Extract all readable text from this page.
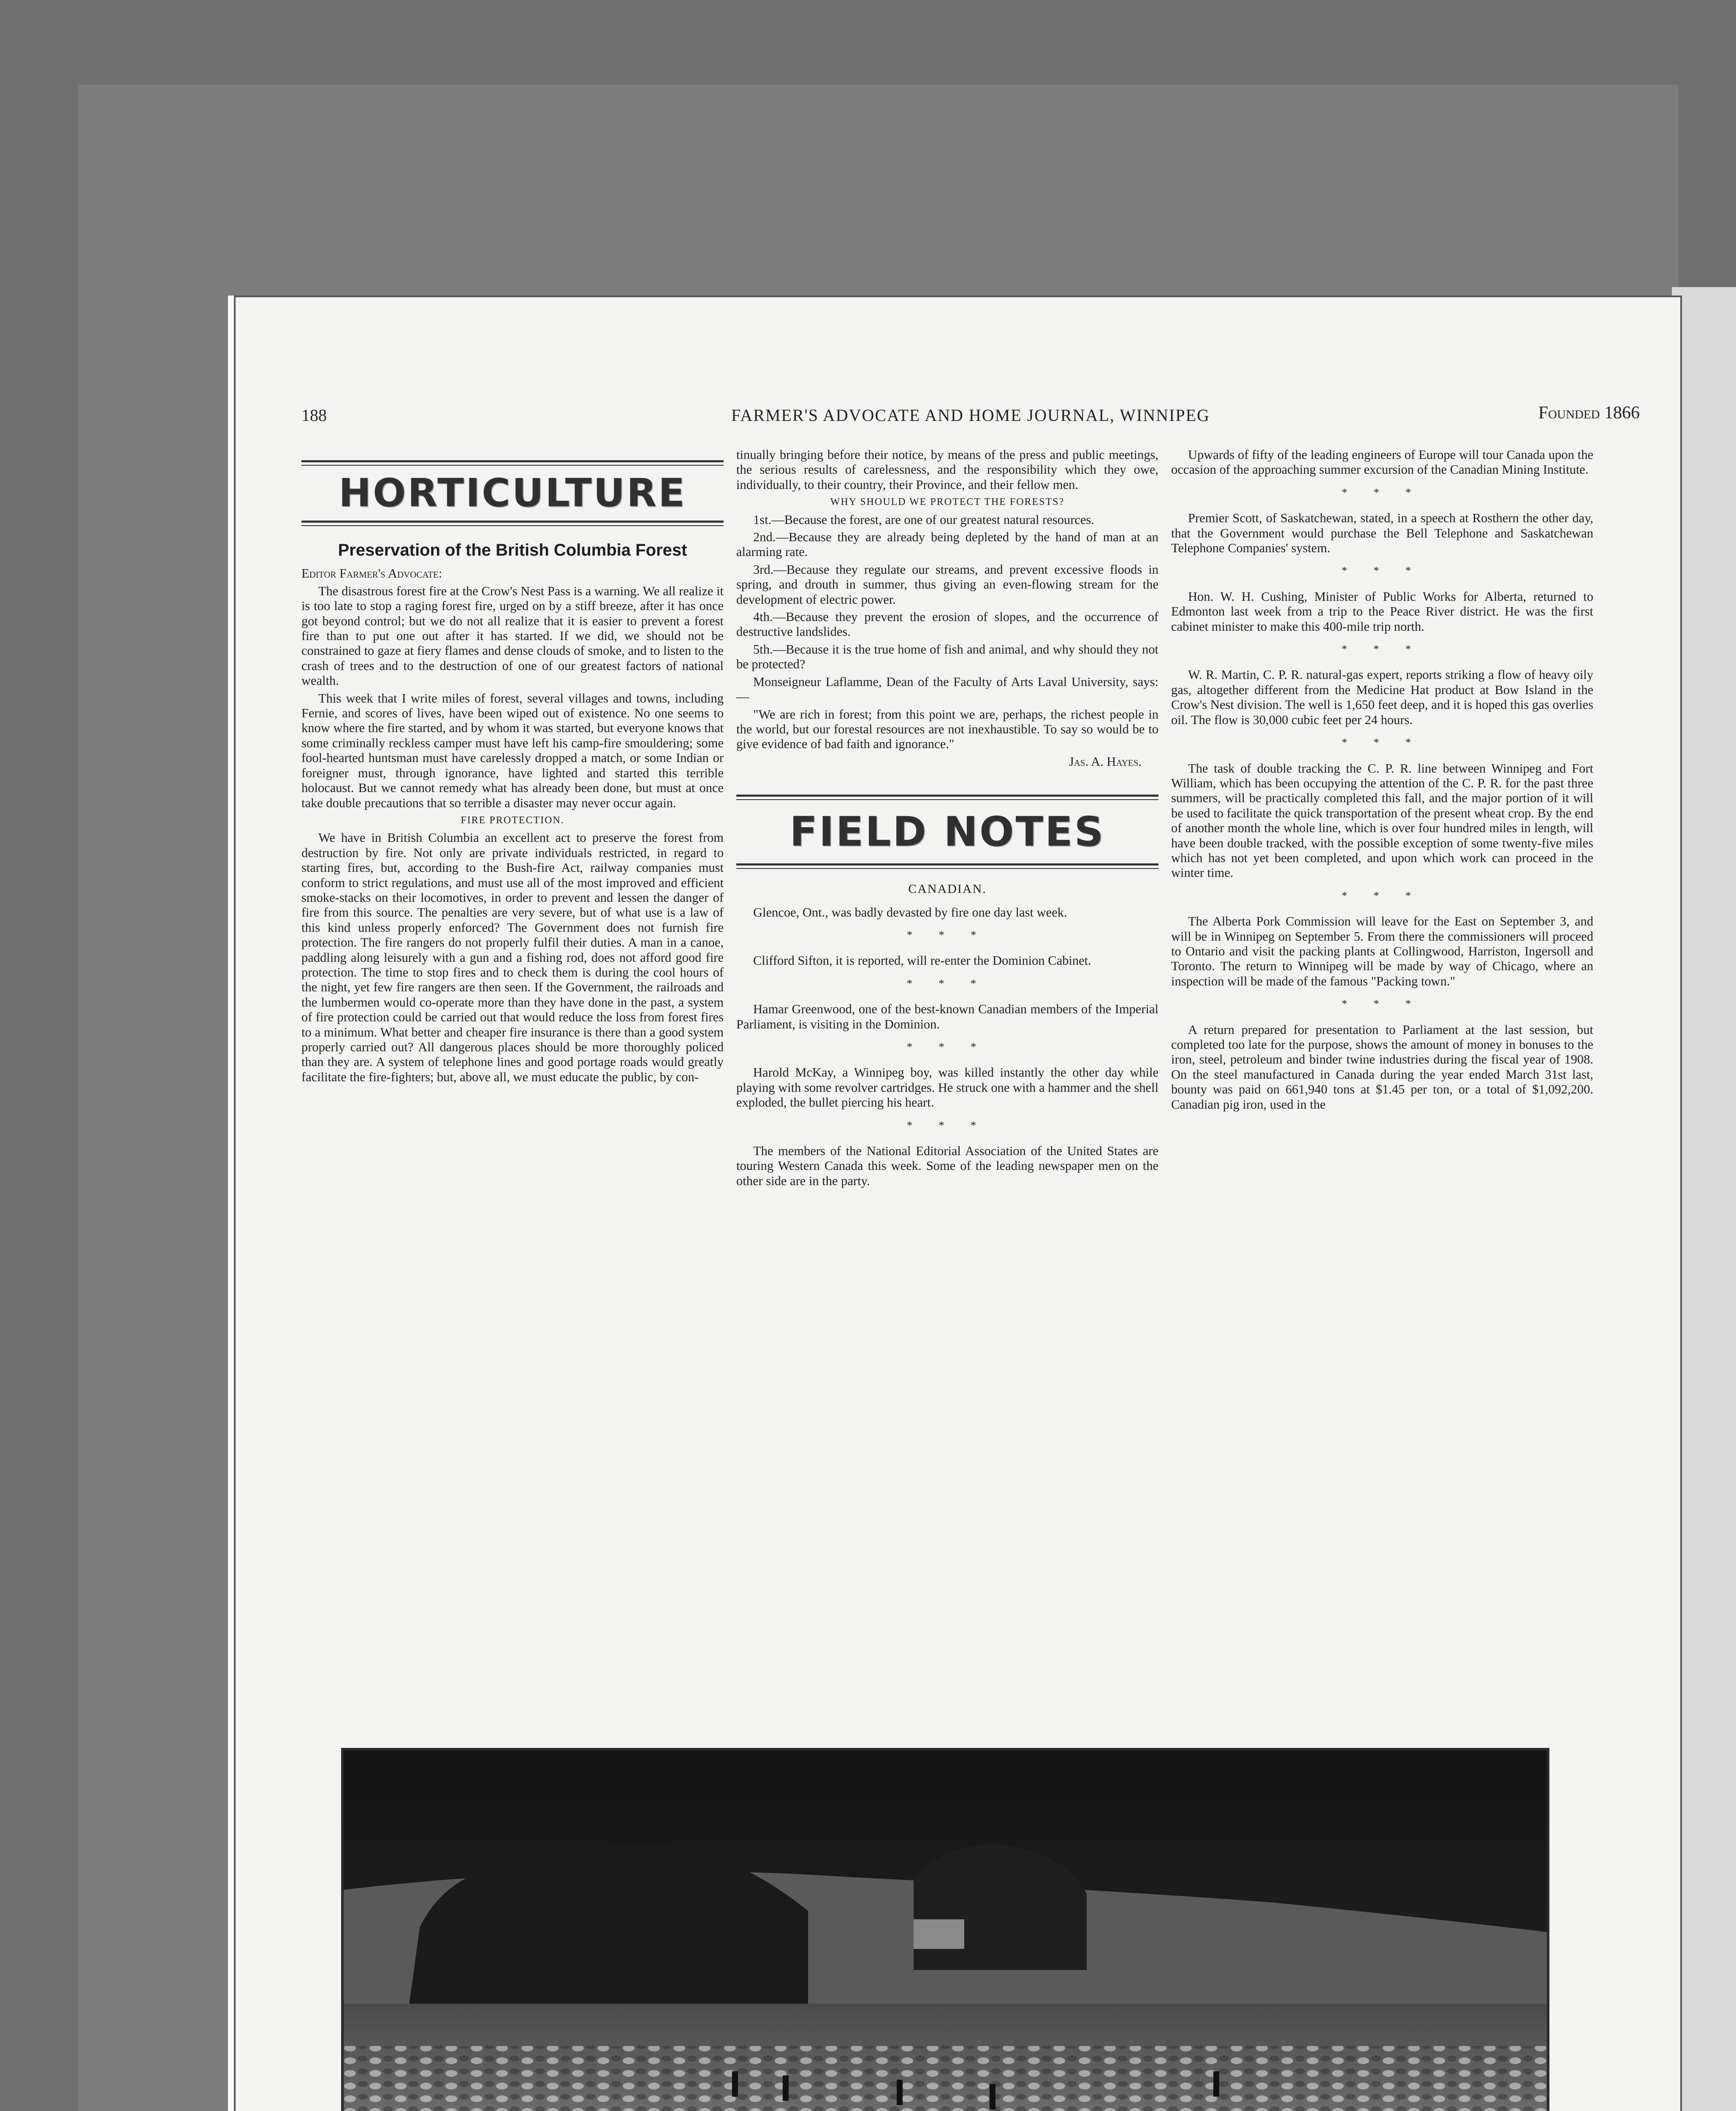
188	FARMER'S ADVOCATE AND HOME JOURNAL, WINNIPEG	Founded 1866
HORTICULTURE
Preservation of the British Columbia Forest
Editor Farmer's Advocate:

The disastrous forest fire at the Crow's Nest Pass is a warning. We all realize it is too late to stop a raging forest fire, urged on by a stiff breeze, after it has once got beyond control; but we do not all realize that it is easier to prevent a forest fire than to put one out after it has started. If we did, we should not be constrained to gaze at fiery flames and dense clouds of smoke, and to listen to the crash of trees and to the destruction of one of our greatest factors of national wealth.

This week that I write miles of forest, several villages and towns, including Fernie, and scores of lives, have been wiped out of existence. No one seems to know where the fire started, and by whom it was started, but everyone knows that some criminally reckless camper must have left his camp-fire smouldering; some fool-hearted huntsman must have carelessly dropped a match, or some Indian or foreigner must, through ignorance, have lighted and started this terrible holocaust. But we cannot remedy what has already been done, but must at once take double precautions that so terrible a disaster may never occur again.

FIRE PROTECTION.

We have in British Columbia an excellent act to preserve the forest from destruction by fire. Not only are private individuals restricted, in regard to starting fires, but, according to the Bush-fire Act, railway companies must conform to strict regulations, and must use all of the most improved and efficient smoke-stacks on their locomotives, in order to prevent and lessen the danger of fire from this source. The penalties are very severe, but of what use is a law of this kind unless properly enforced? The Government does not furnish fire protection. The fire rangers do not properly fulfil their duties. A man in a canoe, paddling along leisurely with a gun and a fishing rod, does not afford good fire protection. The time to stop fires and to check them is during the cool hours of the night, yet few fire rangers are then seen. If the Government, the railroads and the lumbermen would co-operate more than they have done in the past, a system of fire protection could be carried out that would reduce the loss from forest fires to a minimum. What better and cheaper fire insurance is there than a good system properly carried out? All dangerous places should be more thoroughly policed than they are. A system of telephone lines and good portage roads would greatly facilitate the fire-fighters; but, above all, we must educate the public, by con-

tinually bringing before their notice, by means of the press and public meetings, the serious results of carelessness, and the responsibility which they owe, individually, to their country, their Province, and their fellow men.

WHY SHOULD WE PROTECT THE FORESTS?

1st.—Because the forest, are one of our greatest natural resources.

2nd.—Because they are already being depleted by the hand of man at an alarming rate.

3rd.—Because they regulate our streams, and prevent excessive floods in spring, and drouth in summer, thus giving an even-flowing stream for the development of electric power.

4th.—Because they prevent the erosion of slopes, and the occurrence of destructive landslides.

5th.—Because it is the true home of fish and animal, and why should they not be protected?

Monseigneur Laflamme, Dean of the Faculty of Arts Laval University, says:—

"We are rich in forest; from this point we are, perhaps, the richest people in the world, but our forestal resources are not inexhaustible. To say so would be to give evidence of bad faith and ignorance."

Jas. A. Hayes.
FIELD NOTES
CANADIAN.

Glencoe, Ont., was badly devasted by fire one day last week.

* * *

Clifford Sifton, it is reported, will re-enter the Dominion Cabinet.

* * *

Hamar Greenwood, one of the best-known Canadian members of the Imperial Parliament, is visiting in the Dominion.

* * *

Harold McKay, a Winnipeg boy, was killed instantly the other day while playing with some revolver cartridges. He struck one with a hammer and the shell exploded, the bullet piercing his heart.

* * *

The members of the National Editorial Association of the United States are touring Western Canada this week. Some of the leading newspaper men on the other side are in the party.

Upwards of fifty of the leading engineers of Europe will tour Canada upon the occasion of the approaching summer excursion of the Canadian Mining Institute.

* * *

Premier Scott, of Saskatchewan, stated, in a speech at Rosthern the other day, that the Government would purchase the Bell Telephone and Saskatchewan Telephone Companies' system.

* * *

Hon. W. H. Cushing, Minister of Public Works for Alberta, returned to Edmonton last week from a trip to the Peace River district. He was the first cabinet minister to make this 400-mile trip north.

* * *

W. R. Martin, C. P. R. natural-gas expert, reports striking a flow of heavy oily gas, altogether different from the Medicine Hat product at Bow Island in the Crow's Nest division. The well is 1,650 feet deep, and it is hoped this gas overlies oil. The flow is 30,000 cubic feet per 24 hours.

* * *

The task of double tracking the C. P. R. line between Winnipeg and Fort William, which has been occupying the attention of the C. P. R. for the past three summers, will be practically completed this fall, and the major portion of it will be used to facilitate the quick transportation of the present wheat crop. By the end of another month the whole line, which is over four hundred miles in length, will have been double tracked, with the possible exception of some twenty-five miles which has not yet been completed, and upon which work can proceed in the winter time.

* * *

The Alberta Pork Commission will leave for the East on September 3, and will be in Winnipeg on September 5. From there the commissioners will proceed to Ontario and visit the packing plants at Collingwood, Harriston, Ingersoll and Toronto. The return to Winnipeg will be made by way of Chicago, where an inspection will be made of the famous "Packing town."

* * *

A return prepared for presentation to Parliament at the last session, but completed too late for the purpose, shows the amount of money in bonuses to the iron, steel, petroleum and binder twine industries during the fiscal year of 1908. On the steel manufactured in Canada during the year ended March 31st last, bounty was paid on 661,940 tons at $1.45 per ton, or a total of $1,092,200. Canadian pig iron, used in the
